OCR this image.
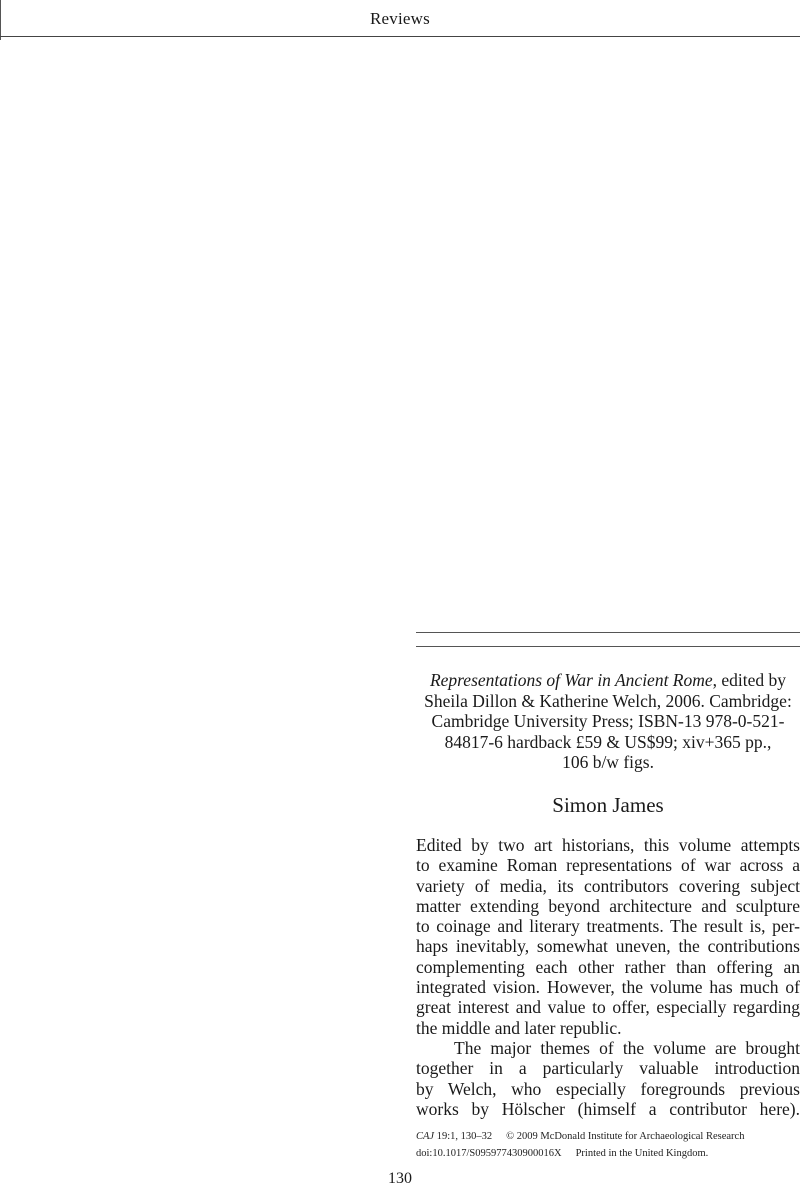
Reviews
Representations of War in Ancient Rome, edited by
Sheila Dillon & Katherine Welch, 2006. Cambridge:
Cambridge University Press; ISBN-13 978-0-521-
84817-6 hardback £59 & US$99; xiv+365 pp.,
106 b/w figs.
Simon James
Edited by two art historians, this volume attempts
to examine Roman representations of war across a
variety of media, its contributors covering subject
matter extending beyond architecture and sculpture
to coinage and literary treatments. The result is, per-
haps inevitably, somewhat uneven, the contributions
complementing each other rather than offering an
integrated vision. However, the volume has much of
great interest and value to offer, especially regarding
the middle and later republic.
The major themes of the volume are brought
together in a particularly valuable introduction
by Welch, who especially foregrounds previous
works by Hölscher (himself a contributor here).
CAJ 19:1, 130–32 © 2009 McDonald Institute for Archaeological Research
doi:10.1017/S095977430900016X Printed in the United Kingdom.
130
